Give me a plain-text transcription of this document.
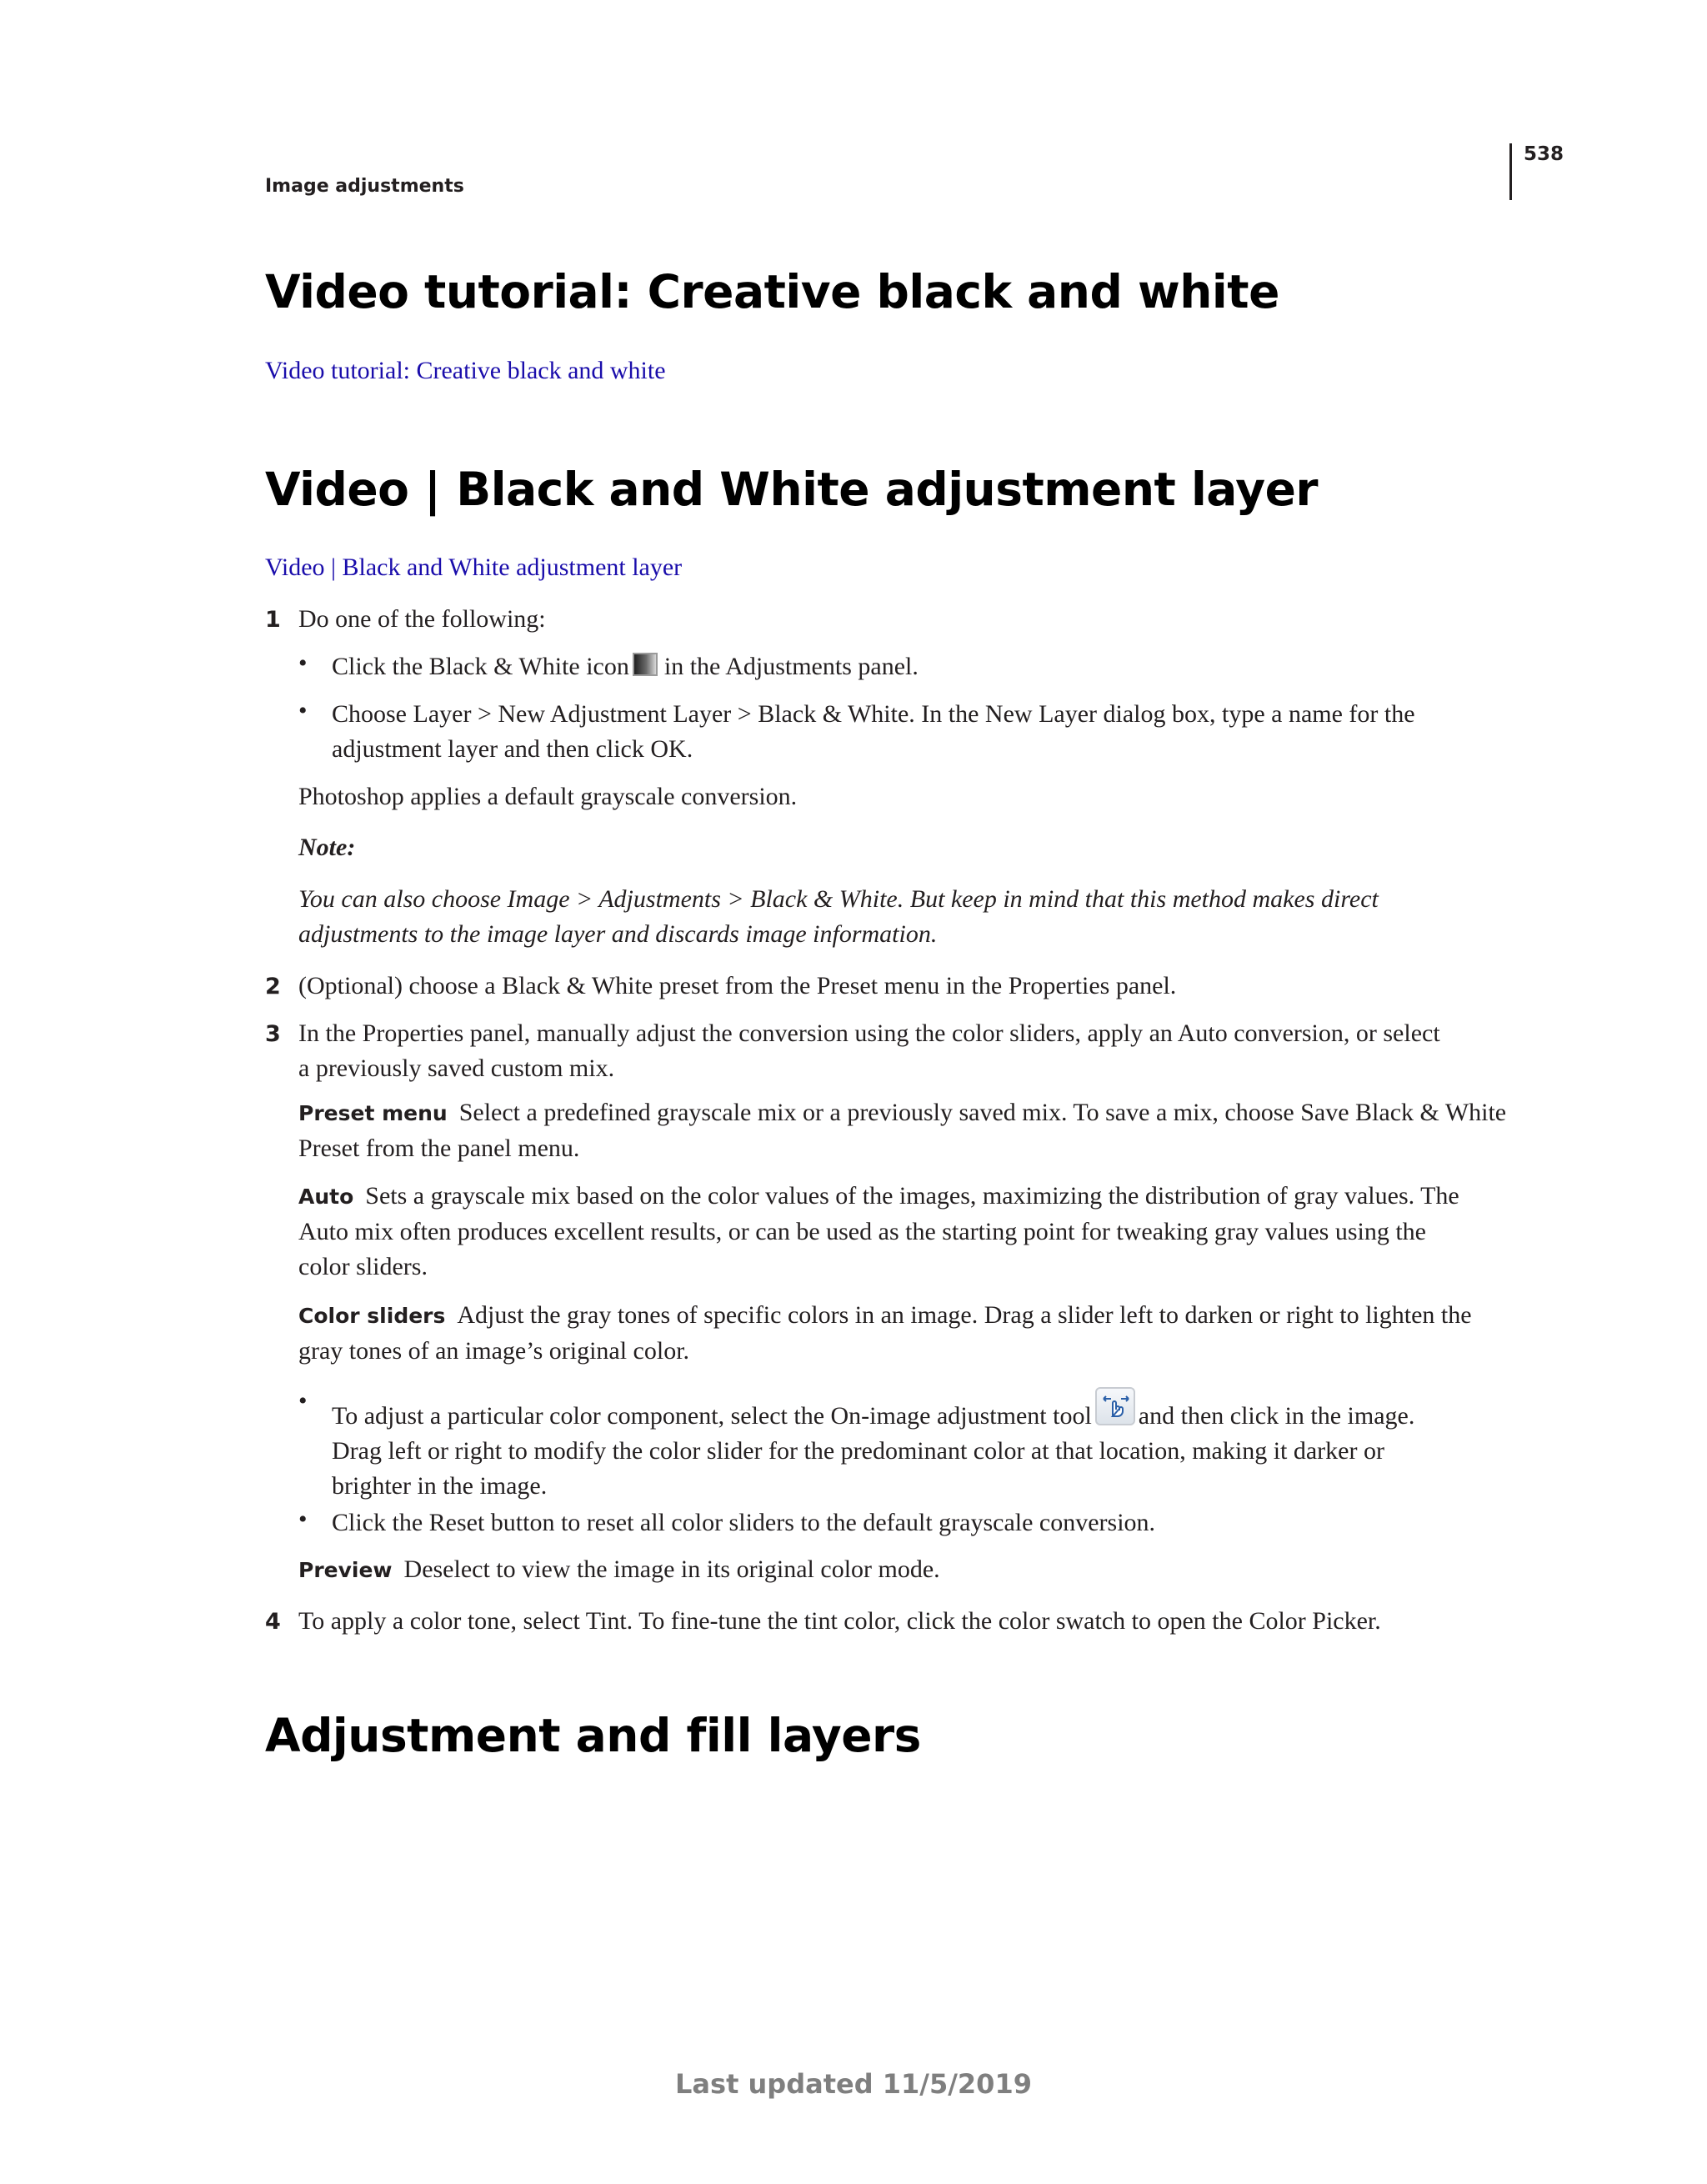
538
Image adjustments
Video tutorial: Creative black and white
Video tutorial: Creative black and white
Video | Black and White adjustment layer
Video | Black and White adjustment layer
1 Do one of the following:
• Click the Black & White icon in the Adjustments panel.
• Choose Layer > New Adjustment Layer > Black & White. In the New Layer dialog box, type a name for the
adjustment layer and then click OK.
Photoshop applies a default grayscale conversion.
Note:
You can also choose Image > Adjustments > Black & White. But keep in mind that this method makes direct
adjustments to the image layer and discards image information.
2 (Optional) choose a Black & White preset from the Preset menu in the Properties panel.
3 In the Properties panel, manually adjust the conversion using the color sliders, apply an Auto conversion, or select
a previously saved custom mix.
Preset menu Select a predefined grayscale mix or a previously saved mix. To save a mix, choose Save Black & White
Preset from the panel menu.
Auto Sets a grayscale mix based on the color values of the images, maximizing the distribution of gray values. The
Auto mix often produces excellent results, or can be used as the starting point for tweaking gray values using the
color sliders.
Color sliders Adjust the gray tones of specific colors in an image. Drag a slider left to darken or right to lighten the
gray tones of an image’s original color.
•
To adjust a particular color component, select the On-image adjustment tool and then click in the image.
Drag left or right to modify the color slider for the predominant color at that location, making it darker or
brighter in the image.
• Click the Reset button to reset all color sliders to the default grayscale conversion.
Preview Deselect to view the image in its original color mode.
4 To apply a color tone, select Tint. To fine-tune the tint color, click the color swatch to open the Color Picker.
Adjustment and fill layers
Last updated 11/5/2019
